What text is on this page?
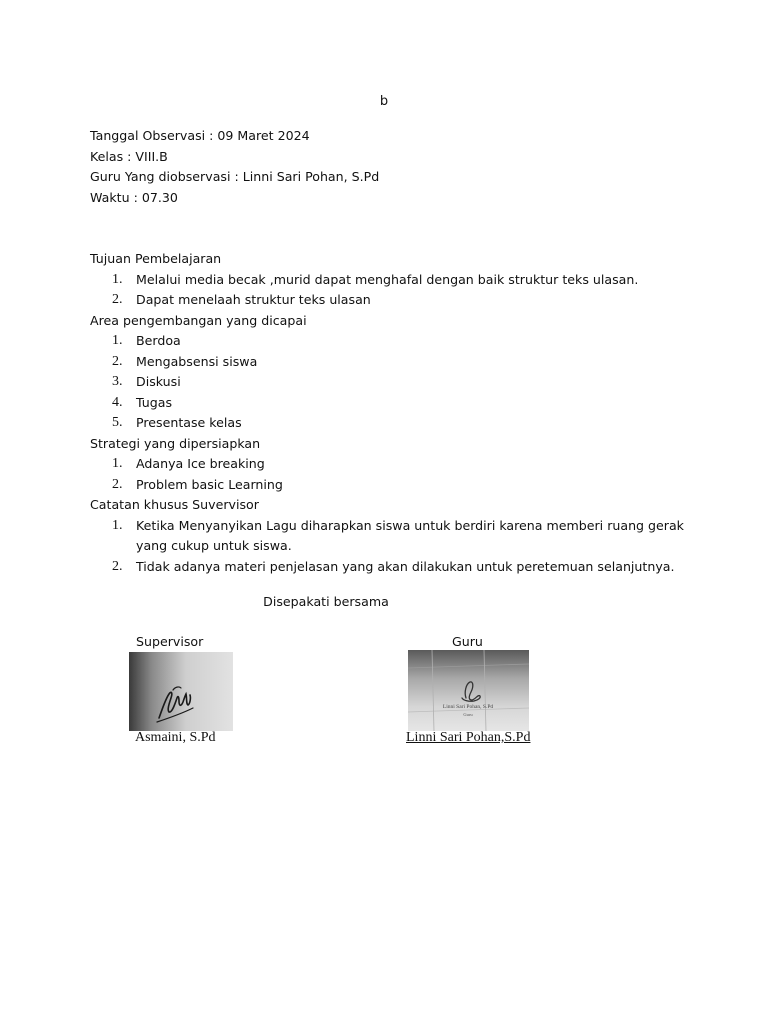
b
Tanggal Observasi : 09 Maret 2024
Kelas : VIII.B
Guru Yang diobservasi : Linni Sari Pohan, S.Pd
Waktu : 07.30
Tujuan Pembelajaran
1. Melalui media becak ,murid dapat menghafal dengan baik struktur teks ulasan.
2. Dapat menelaah struktur teks ulasan
Area pengembangan yang dicapai
1. Berdoa
2. Mengabsensi siswa
3. Diskusi
4. Tugas
5. Presentase kelas
Strategi yang dipersiapkan
1. Adanya Ice breaking
2. Problem basic Learning
Catatan khusus Suvervisor
1. Ketika Menyanyikan Lagu diharapkan siswa untuk berdiri karena memberi ruang gerak yang cukup untuk siswa.
2. Tidak adanya materi penjelasan yang akan dilakukan untuk peretemuan selanjutnya.
Disepakati bersama
Supervisor	Guru
Linni Sari Pohan, S.Pd
Guru
Asmaini, S.Pd	Linni Sari Pohan,S.Pd
